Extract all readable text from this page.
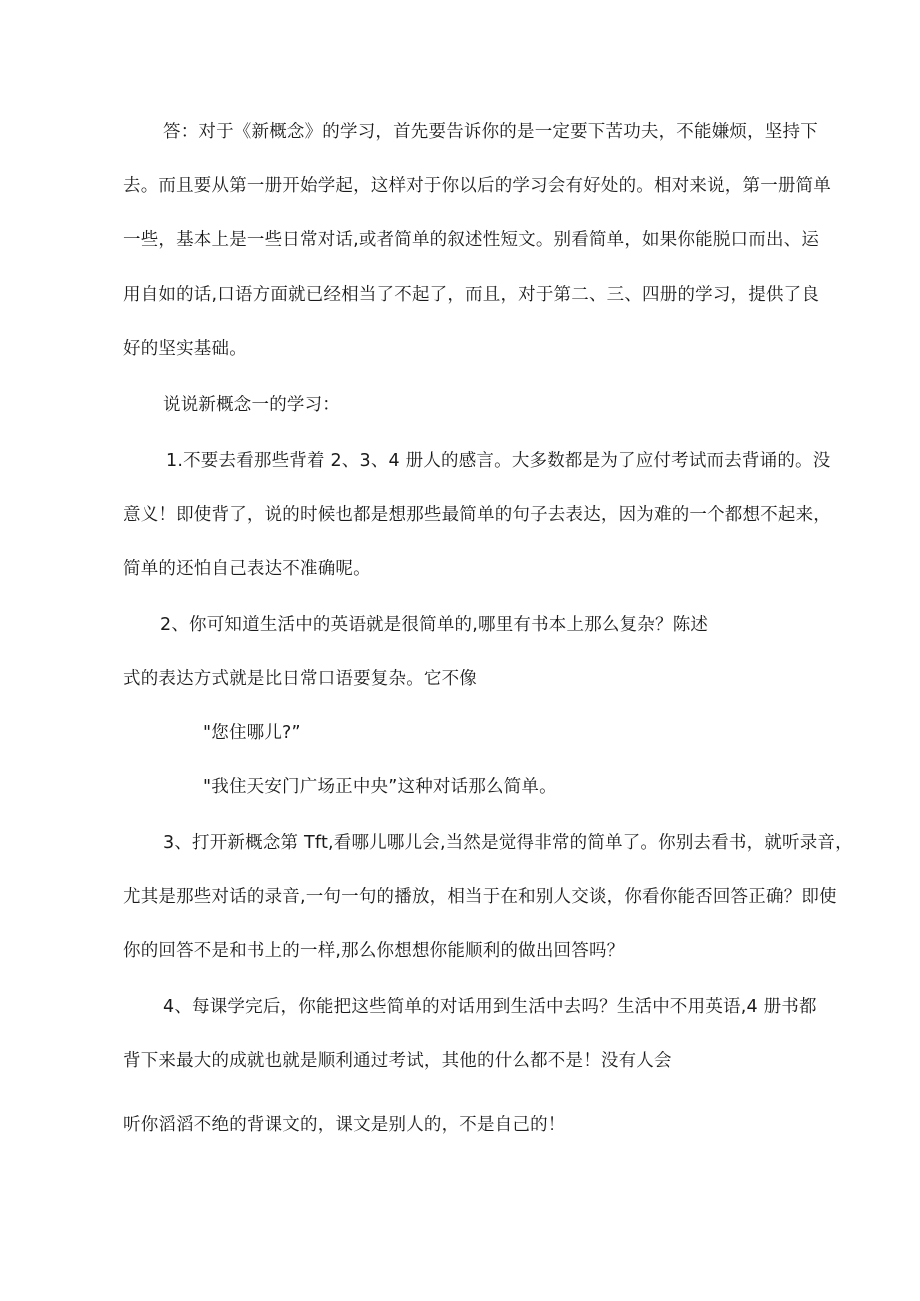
答：对于《新概念》的学习，首先要告诉你的是一定要下苦功夫，不能嫌烦，坚持下
去。而且要从第一册开始学起，这样对于你以后的学习会有好处的。相对来说，第一册简单
一些，基本上是一些日常对话,或者简单的叙述性短文。别看简单，如果你能脱口而出、运
用自如的话,口语方面就已经相当了不起了，而且，对于第二、三、四册的学习，提供了良
好的坚实基础。
说说新概念一的学习：
1.不要去看那些背着 2、3、4 册人的感言。大多数都是为了应付考试而去背诵的。没
意义！即使背了，说的时候也都是想那些最简单的句子去表达，因为难的一个都想不起来，
简单的还怕自己表达不准确呢。
2、你可知道生活中的英语就是很简单的,哪里有书本上那么复杂？陈述
式的表达方式就是比日常口语要复杂。它不像
"您住哪儿?”
"我住天安门广场正中央”这种对话那么简单。
3、打开新概念第 Tft,看哪儿哪儿会,当然是觉得非常的简单了。你别去看书，就听录音，
尤其是那些对话的录音,一句一句的播放，相当于在和别人交谈，你看你能否回答正确？即使
你的回答不是和书上的一样,那么你想想你能顺利的做出回答吗？
4、每课学完后，你能把这些简单的对话用到生活中去吗？生活中不用英语,4 册书都
背下来最大的成就也就是顺利通过考试，其他的什么都不是！没有人会
听你滔滔不绝的背课文的，课文是别人的，不是自己的！
